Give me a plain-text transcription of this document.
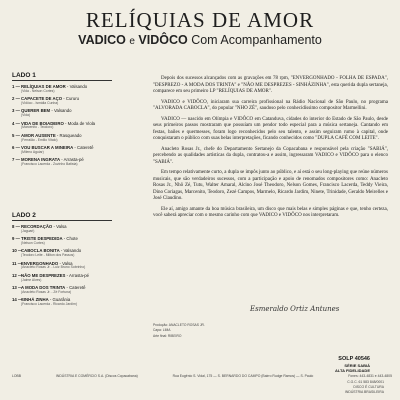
RELÍQUIAS DE AMOR
VADICO e VIDÔCO Com Acompanhamento
LADO 1
1 —RELÍQUIAS DE AMOR - Valsando
(Vida - Nelson Cortes)
2 —CAPACETE DE AÇO - Cururu
(Vidôco - Ismália Cunha)
3 —QUERER BEM - Valsando
(Vida)
4 —VIDA DE BOIADEIRO - Moda de Viola
(Marcenito - Teodoro)
5 —AMOR AUSENTE - Rasqueado
(Ferraião - Emilio Vitalo)
6 —VOU BUSCAR A MINEIRA - Cateretê
(Mileno Aguiar)
7 —MORENA INGRATA - Arrasta-pé
(Francisco Lacerda - Zuzinho Batista)
LADO 2
8 —RECORDAÇÃO - Valsa
(Jaguari)
9 —TRISTE DESPEDIDA - Chote
(Nelson Cortes)
10 —CABOCLA BONITA - Valsando
(Teodoro Leite - Milton dos Passos)
11 —ENVERGONHADO - Valsa
(Anacleto Rosas Jr. - Luiz Bruno Sobrinho)
12 —NÃO ME DESPREZES - Arrasta-pé
(Jaime Alves)
13 —A MODA DOS TRINTA - Cateretê
(Anacleto Rosas Jr. - Zé Fortuna)
14 —SINHÁ ZINHA - Guarânia
(Francisco Lacerda - Ricardo Jardim)

Depois dos sucessos alcançados com as gravações em 78 rpm, "ENVERGONHADO - FOLHA DE ESPADA", "DESPREZO - A MODA DOS TRINTA" e "NÃO ME DESPREZES - SINHÁZINHA", esta querida dupla sertaneja, comparece em seu primeiro LP "RELÍQUIAS DE AMOR".

VADICO e VIDÔCO, iniciaram sua carreira profissional na Rádio Nacional de São Paulo, no programa "ALVORADA CABOCLA", do popular "NHO ZÉ", saudoso pelo conhecidíssimo compositor Marmellini.

VADICO — nascido em Olímpia e VIDÔCO em Catanduva, cidades do interior do Estado de São Paulo, desde seus primeiros passos mostraram que possuíam um pendor todo especial para a música sertaneja. Cantando em festas, bailes e quermesses, foram logo reconhecidos pelo seu talento, e assim seguiram rumo à capital, onde conquistaram o público com suas belas interpretações, ficando conhecidos como "DUPLA CAFÉ COM LEITE".

Anacleto Rosas Jr., chefe do Departamento Sertanejo da Copacabana e responsável pela criação "SABIÁ", percebendo as qualidades artísticas da dupla, contratou-a e assim, ingressaram VADICO e VIDÔCO para o elenco "SABIÁ".

Em tempo relativamente curto, a dupla se impôs junto ao público, e aí está o seu long-playing que reúne números musicais, que são verdadeiros sucessos, com a participação e apoio de renomados compositores como: Anacleto Rosas Jr., Nhô Zé, Tutu, Walter Amaral, Alcino José Theodoro, Nelson Gomes, Francisco Lacerda, Teddy Vieira, Dino Coriagas, Marcenito, Teodoro, Zezé Campos, Marmelo, Ricardo Jardim, Ninete, Trinidade, Geraldo Meirelles e José Claudino.

Ele aí, amigo amante da boa música brasileira, um disco que mais belas e simples páginas e que, tenho certeza, você saberá apreciar com o mesmo carinho com que VADICO e VIDÔCO nos interpretaram.

Esmeraldo Ortiz Antunes
Produção: ANACLETO ROSAS JR.
Capa: LIMA
Arte final: RIBEIRO
SOLP 40546
SÉRIE SABIÁ
ALTA FIDELIDADE
LOBB	INDÚSTRIA E COMÉRCIO S.A. (Discos Copacabana)	Rua Eugênio S. Vidal, 175 — S. BERNARDO DO CAMPO (Bairro Rudge Ramos) — S. Paulo	Fones: 443-4831 e 443-4805
C.G.C. 61 583 848/0001
DISCO É CULTURA
INDÚSTRIA BRASILEIRA
